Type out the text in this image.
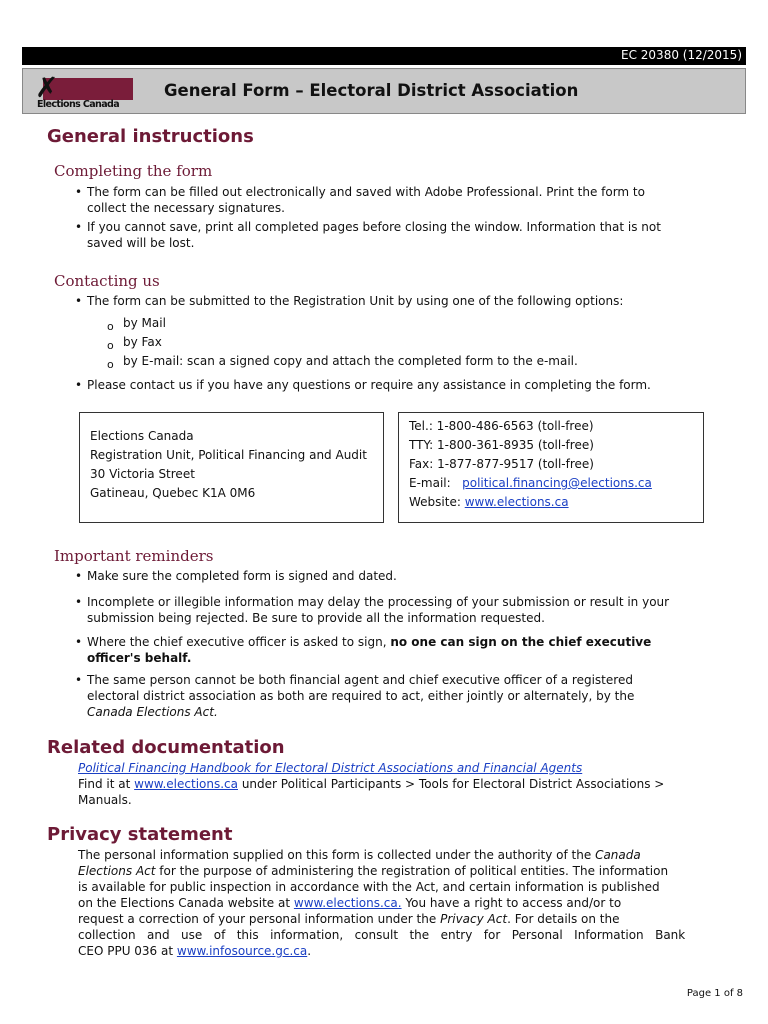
EC 20380 (12/2015)
✗
Elections Canada
General Form – Electoral District Association
General instructions
Completing the form
• The form can be filled out electronically and saved with Adobe Professional. Print the form to
collect the necessary signatures.
• If you cannot save, print all completed pages before closing the window. Information that is not
saved will be lost.
Contacting us
• The form can be submitted to the Registration Unit by using one of the following options:
o by Mail
o by Fax
o by E-mail: scan a signed copy and attach the completed form to the e-mail.
• Please contact us if you have any questions or require any assistance in completing the form.
Elections Canada
Registration Unit, Political Financing and Audit
30 Victoria Street
Gatineau, Quebec K1A 0M6
Tel.: 1-800-486-6563 (toll-free)
TTY: 1-800-361-8935 (toll-free)
Fax: 1-877-877-9517 (toll-free)
E-mail: political.financing@elections.ca
Website: www.elections.ca
Important reminders
• Make sure the completed form is signed and dated.
• Incomplete or illegible information may delay the processing of your submission or result in your
submission being rejected. Be sure to provide all the information requested.
• Where the chief executive officer is asked to sign, no one can sign on the chief executive
officer's behalf.
• The same person cannot be both financial agent and chief executive officer of a registered
electoral district association as both are required to act, either jointly or alternately, by the
Canada Elections Act.
Related documentation
Political Financing Handbook for Electoral District Associations and Financial Agents
Find it at www.elections.ca under Political Participants > Tools for Electoral District Associations >
Manuals.
Privacy statement
The personal information supplied on this form is collected under the authority of the Canada
Elections Act for the purpose of administering the registration of political entities. The information
is available for public inspection in accordance with the Act, and certain information is published
on the Elections Canada website at www.elections.ca. You have a right to access and/or to
request a correction of your personal information under the Privacy Act. For details on the
collection   and   use   of   this   information,   consult   the   entry   for   Personal   Information   Bank
CEO PPU 036 at www.infosource.gc.ca.
Page 1 of 8
